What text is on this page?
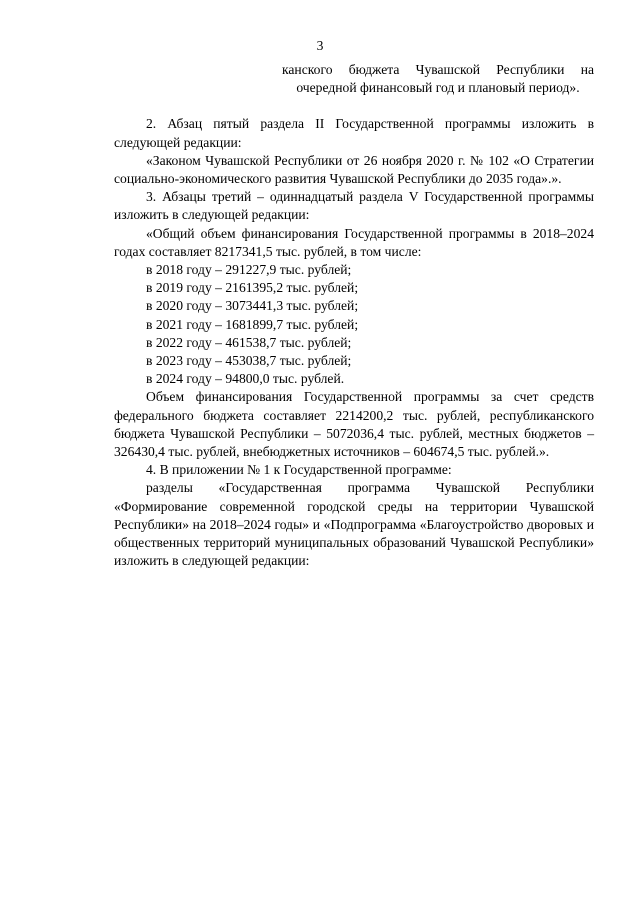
3

канского бюджета Чувашской Республики на очередной финансовый год и плановый период».

2. Абзац пятый раздела II Государственной программы изложить в следующей редакции:

«Законом Чувашской Республики от 26 ноября 2020 г. № 102 «О Стратегии социально-экономического развития Чувашской Республики до 2035 года».».

3. Абзацы третий – одиннадцатый раздела V Государственной программы изложить в следующей редакции:

«Общий объем финансирования Государственной программы в 2018–2024 годах составляет 8217341,5 тыс. рублей, в том числе:

в 2018 году – 291227,9 тыс. рублей;

в 2019 году – 2161395,2 тыс. рублей;

в 2020 году – 3073441,3 тыс. рублей;

в 2021 году – 1681899,7 тыс. рублей;

в 2022 году – 461538,7 тыс. рублей;

в 2023 году – 453038,7 тыс. рублей;

в 2024 году – 94800,0 тыс. рублей.

Объем финансирования Государственной программы за счет средств федерального бюджета составляет 2214200,2 тыс. рублей, республиканского бюджета Чувашской Республики – 5072036,4 тыс. рублей, местных бюджетов – 326430,4 тыс. рублей, внебюджетных источников – 604674,5 тыс. рублей.».

4. В приложении № 1 к Государственной программе:

разделы «Государственная программа Чувашской Республики «Формирование современной городской среды на территории Чувашской Республики» на 2018–2024 годы» и «Подпрограмма «Благоустройство дворовых и общественных территорий муниципальных образований Чувашской Республики» изложить в следующей редакции:
